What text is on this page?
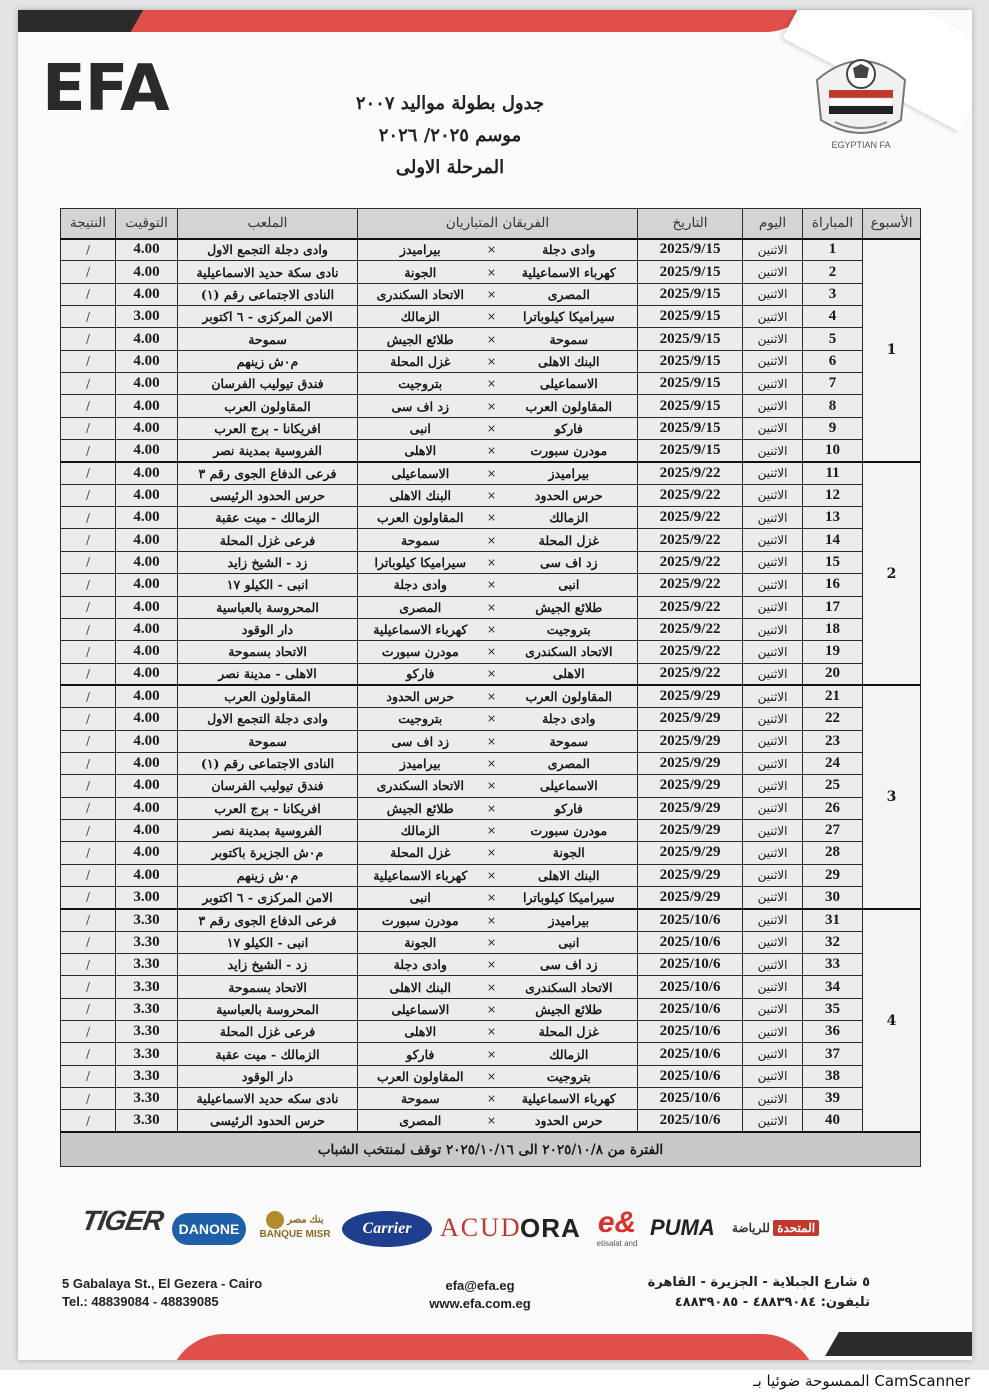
EFA
EGYPTIAN FA
جدول بطولة مواليد ٢٠٠٧
موسم ٢٠٢٥/ ٢٠٢٦
المرحلة الاولى
الأسبوع	المباراة	اليوم	التاريخ	الفريقان المتباريان			الملعب	التوقيت	النتيجة
1	1	الاثنين	2025/9/15	وادى دجلة	×	بيراميدز	وادى دجلة التجمع الاول	4.00	/
	2	الاثنين	2025/9/15	كهرباء الاسماعيلية	×	الجونة	نادى سكة حديد الاسماعيلية	4.00	/
	3	الاثنين	2025/9/15	المصرى	×	الاتحاد السكندرى	النادى الاجتماعى رقم (١)	4.00	/
	4	الاثنين	2025/9/15	سيراميكا كيلوباترا	×	الزمالك	الامن المركزى - ٦ اكتوبر	3.00	/
	5	الاثنين	2025/9/15	سموحة	×	طلائع الجيش	سموحة	4.00	/
	6	الاثنين	2025/9/15	البنك الاهلى	×	غزل المحلة	م٠ش زينهم	4.00	/
	7	الاثنين	2025/9/15	الاسماعيلى	×	بتروجيت	فندق تيوليب الفرسان	4.00	/
	8	الاثنين	2025/9/15	المقاولون العرب	×	زد اف سى	المقاولون العرب	4.00	/
	9	الاثنين	2025/9/15	فاركو	×	انبى	افريكانا - برج العرب	4.00	/
	10	الاثنين	2025/9/15	مودرن سبورت	×	الاهلى	الفروسية بمدينة نصر	4.00	/
2	11	الاثنين	2025/9/22	بيراميدز	×	الاسماعيلى	فرعى الدفاع الجوى رقم ٣	4.00	/
	12	الاثنين	2025/9/22	حرس الحدود	×	البنك الاهلى	حرس الحدود الرئيسى	4.00	/
	13	الاثنين	2025/9/22	الزمالك	×	المقاولون العرب	الزمالك - ميت عقبة	4.00	/
	14	الاثنين	2025/9/22	غزل المحلة	×	سموحة	فرعى غزل المحلة	4.00	/
	15	الاثنين	2025/9/22	زد اف سى	×	سيراميكا كيلوباترا	زد - الشيخ زايد	4.00	/
	16	الاثنين	2025/9/22	انبى	×	وادى دجلة	انبى - الكيلو ١٧	4.00	/
	17	الاثنين	2025/9/22	طلائع الجيش	×	المصرى	المحروسة بالعباسية	4.00	/
	18	الاثنين	2025/9/22	بتروجيت	×	كهرباء الاسماعيلية	دار الوقود	4.00	/
	19	الاثنين	2025/9/22	الاتحاد السكندرى	×	مودرن سبورت	الاتحاد بسموحة	4.00	/
	20	الاثنين	2025/9/22	الاهلى	×	فاركو	الاهلى - مدينة نصر	4.00	/
3	21	الاثنين	2025/9/29	المقاولون العرب	×	حرس الحدود	المقاولون العرب	4.00	/
	22	الاثنين	2025/9/29	وادى دجلة	×	بتروجيت	وادى دجلة التجمع الاول	4.00	/
	23	الاثنين	2025/9/29	سموحة	×	زد اف سى	سموحة	4.00	/
	24	الاثنين	2025/9/29	المصرى	×	بيراميدز	النادى الاجتماعى رقم (١)	4.00	/
	25	الاثنين	2025/9/29	الاسماعيلى	×	الاتحاد السكندرى	فندق تيوليب الفرسان	4.00	/
	26	الاثنين	2025/9/29	فاركو	×	طلائع الجيش	افريكانا - برج العرب	4.00	/
	27	الاثنين	2025/9/29	مودرن سبورت	×	الزمالك	الفروسية بمدينة نصر	4.00	/
	28	الاثنين	2025/9/29	الجونة	×	غزل المحلة	م٠ش الجزيرة باكتوبر	4.00	/
	29	الاثنين	2025/9/29	البنك الاهلى	×	كهرباء الاسماعيلية	م٠ش زينهم	4.00	/
	30	الاثنين	2025/9/29	سيراميكا كيلوباترا	×	انبى	الامن المركزى - ٦ اكتوبر	3.00	/
4	31	الاثنين	2025/10/6	بيراميدز	×	مودرن سبورت	فرعى الدفاع الجوى رقم ٣	3.30	/
	32	الاثنين	2025/10/6	انبى	×	الجونة	انبى - الكيلو ١٧	3.30	/
	33	الاثنين	2025/10/6	زد اف سى	×	وادى دجلة	زد - الشيخ زايد	3.30	/
	34	الاثنين	2025/10/6	الاتحاد السكندرى	×	البنك الاهلى	الاتحاد بسموحة	3.30	/
	35	الاثنين	2025/10/6	طلائع الجيش	×	الاسماعيلى	المحروسة بالعباسية	3.30	/
	36	الاثنين	2025/10/6	غزل المحلة	×	الاهلى	فرعى غزل المحلة	3.30	/
	37	الاثنين	2025/10/6	الزمالك	×	فاركو	الزمالك - ميت عقبة	3.30	/
	38	الاثنين	2025/10/6	بتروجيت	×	المقاولون العرب	دار الوقود	3.30	/
	39	الاثنين	2025/10/6	كهرباء الاسماعيلية	×	سموحة	نادى سكه حديد الاسماعيلية	3.30	/
	40	الاثنين	2025/10/6	حرس الحدود	×	المصرى	حرس الحدود الرئيسى	3.30	/
الفترة من ٢٠٢٥/١٠/٨ الى ٢٠٢٥/١٠/١٦ توقف لمنتخب الشباب									
TIGER DANONE
بنك مصر
BANQUE MISR	Carrier	ACUD
ORA e&
etisalat and
PUMA	المتحدة للرياضة
5 Gabalaya St., El Gezera - Cairo
Tel.: 48839084 - 48839085
efa@efa.eg
www.efa.com.eg
٥ شارع الجبلاية - الجزيرة - القاهرة
تليفون: ٤٨٨٣٩٠٨٤ - ٤٨٨٣٩٠٨٥
الممسوحة ضوئيا بـ CamScanner
